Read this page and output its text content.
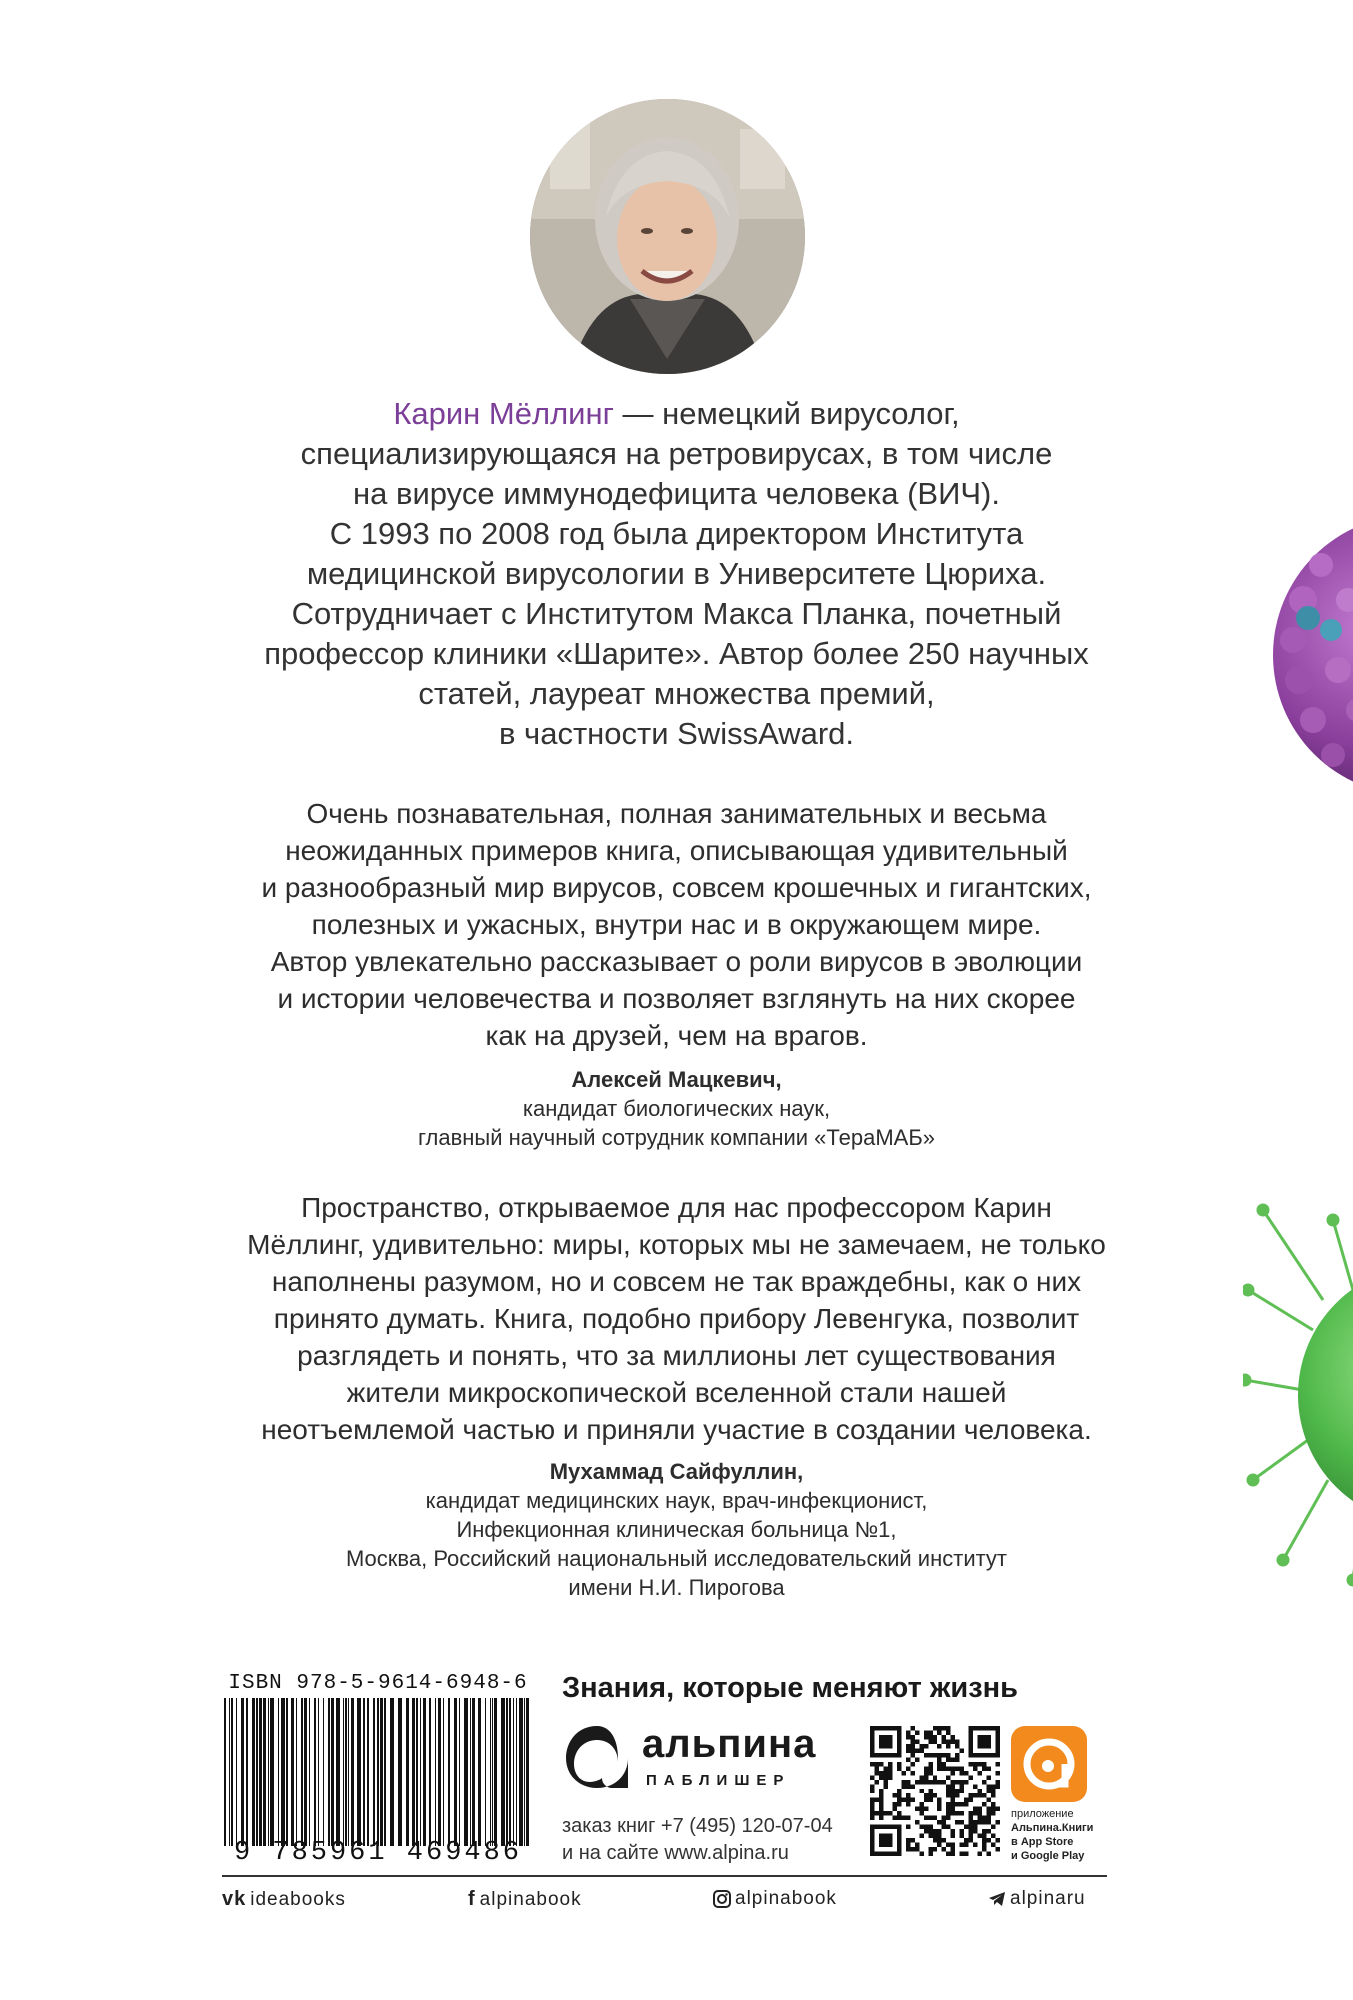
Карин Мёллинг — немецкий вирусолог,
специализирующаяся на ретровирусах, в том числе
на вирусе иммунодефицита человека (ВИЧ).
С 1993 по 2008 год была директором Института
медицинской вирусологии в Университете Цюриха.
Сотрудничает с Институтом Макса Планка, почетный
профессор клиники «Шарите». Автор более 250 научных
статей, лауреат множества премий,
в частности SwissAward.
Очень познавательная, полная занимательных и весьма
неожиданных примеров книга, описывающая удивительный
и разнообразный мир вирусов, совсем крошечных и гигантских,
полезных и ужасных, внутри нас и в окружающем мире.
Автор увлекательно рассказывает о роли вирусов в эволюции
и истории человечества и позволяет взглянуть на них скорее
как на друзей, чем на врагов.
Алексей Мацкевич,
кандидат биологических наук,
главный научный сотрудник компании «ТераМАБ»
Пространство, открываемое для нас профессором Карин
Мёллинг, удивительно: миры, которых мы не замечаем, не только
наполнены разумом, но и совсем не так враждебны, как о них
принято думать. Книга, подобно прибору Левенгука, позволит
разглядеть и понять, что за миллионы лет существования
жители микроскопической вселенной стали нашей
неотъемлемой частью и приняли участие в создании человека.
Мухаммад Сайфуллин,
кандидат медицинских наук, врач-инфекционист,
Инфекционная клиническая больница №1,
Москва, Российский национальный исследовательский институт
имени Н.И. Пирогова
ISBN 978-5-9614-6948-6
9 785961 469486
Знания, которые меняют жизнь
альпина
ПАБЛИШЕР
заказ книг +7 (495) 120-07-04
и на сайте www.alpina.ru
приложение
Альпина.Книги
в App Store
и Google Play
vk ideabooks	f alpinabook	alpinabook	alpinaru
